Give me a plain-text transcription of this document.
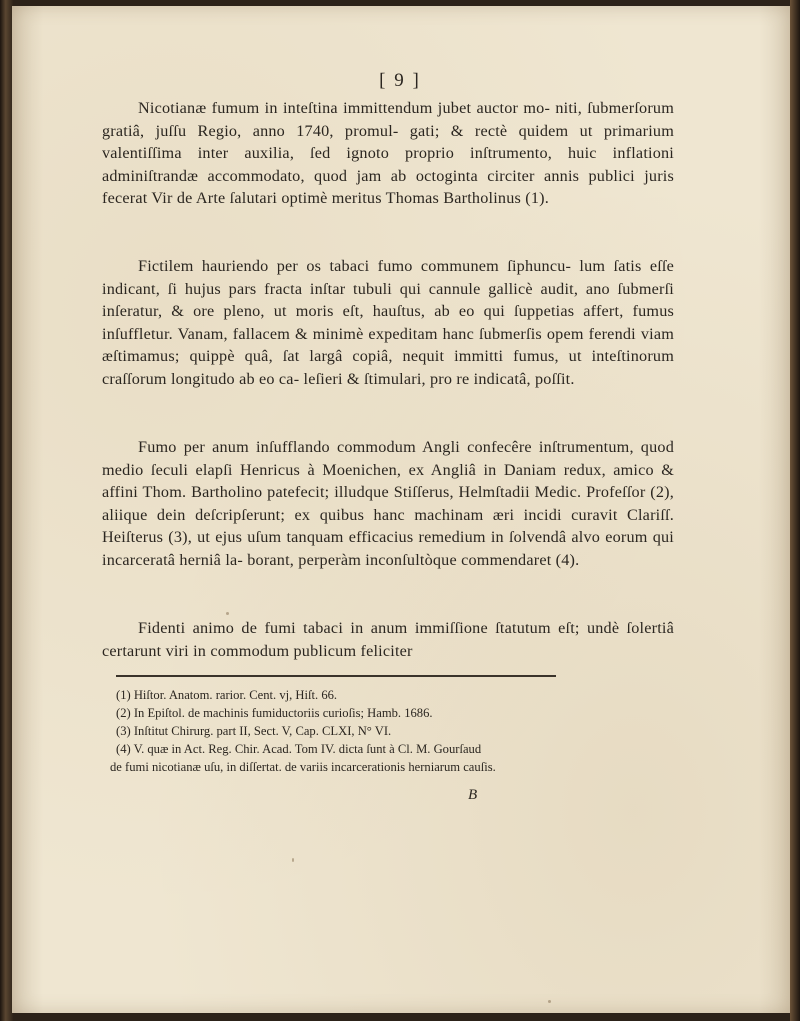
[ 9 ]

Nicotianæ fumum in inteſtina immittendum jubet auctor mo- niti, ſubmerſorum gratiâ, juſſu Regio, anno 1740, promul- gati; & rectè quidem ut primarium valentiſſima inter auxilia, ſed ignoto proprio inſtrumento, huic inflationi adminiſtrandæ accommodato, quod jam ab octoginta circiter annis publici juris fecerat Vir de Arte ſalutari optimè meritus Thomas Bartholinus (1).

Fictilem hauriendo per os tabaci fumo communem ſiphuncu- lum ſatis eſſe indicant, ſi hujus pars fracta inſtar tubuli qui cannule gallicè audit, ano ſubmerſi inſeratur, & ore pleno, ut moris eſt, hauſtus, ab eo qui ſuppetias affert, fumus inſuffletur. Vanam, fallacem & minimè expeditam hanc ſubmerſis opem ferendi viam æſtimamus; quippè quâ, ſat largâ copiâ, nequit immitti fumus, ut inteſtinorum craſſorum longitudo ab eo ca- leſieri & ſtimulari, pro re indicatâ, poſſit.

Fumo per anum inſufflando commodum Angli confecêre inſtrumentum, quod medio ſeculi elapſi Henricus à Moenichen, ex Angliâ in Daniam redux, amico & affini Thom. Bartholino patefecit; illudque Stiſſerus, Helmſtadii Medic. Profeſſor (2), aliique dein deſcripſerunt; ex quibus hanc machinam æri incidi curavit Clariſſ. Heiſterus (3), ut ejus uſum tanquam efficacius remedium in ſolvendâ alvo eorum qui incarceratâ herniâ la- borant, perperàm inconſultòque commendaret (4).

Fidenti animo de fumi tabaci in anum immiſſione ſtatutum eſt; undè ſolertiâ certarunt viri in commodum publicum feliciter

(1) Hiſtor. Anatom. rarior. Cent. vj, Hiſt. 66.

(2) In Epiſtol. de machinis fumiductoriis curioſis; Hamb. 1686.

(3) Inſtitut Chirurg. part II, Sect. V, Cap. CLXI, N° VI.

(4) V. quæ in Act. Reg. Chir. Acad. Tom IV. dicta ſunt à Cl. M. Gourſaud

de fumi nicotianæ uſu, in diſſertat. de variis incarcerationis herniarum cauſis.

B
